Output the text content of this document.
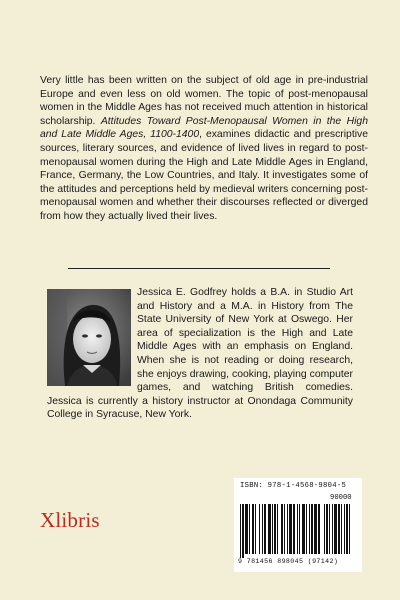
Very little has been written on the subject of old age in pre-industrial Europe and even less on old women. The topic of post-menopausal women in the Middle Ages has not received much attention in historical scholarship. Attitudes Toward Post-Menopausal Women in the High and Late Middle Ages, 1100-1400, examines didactic and prescriptive sources, literary sources, and evidence of lived lives in regard to post-menopausal women during the High and Late Middle Ages in England, France, Germany, the Low Countries, and Italy. It investigates some of the attitudes and perceptions held by medieval writers concerning post-menopausal women and whether their discourses reflected or diverged from how they actually lived their lives.

Jessica E. Godfrey holds a B.A. in Studio Art and History and a M.A. in History from The State University of New York at Oswego. Her area of specialization is the High and Late Middle Ages with an emphasis on England. When she is not reading or doing research, she enjoys drawing, cooking, playing computer games, and watching British comedies. Jessica is currently a history instructor at Onondaga Community College in Syracuse, New York.

Xlibris
ISBN: 978-1-4568-9804-5
90000
9 781456 898045 (97142)
